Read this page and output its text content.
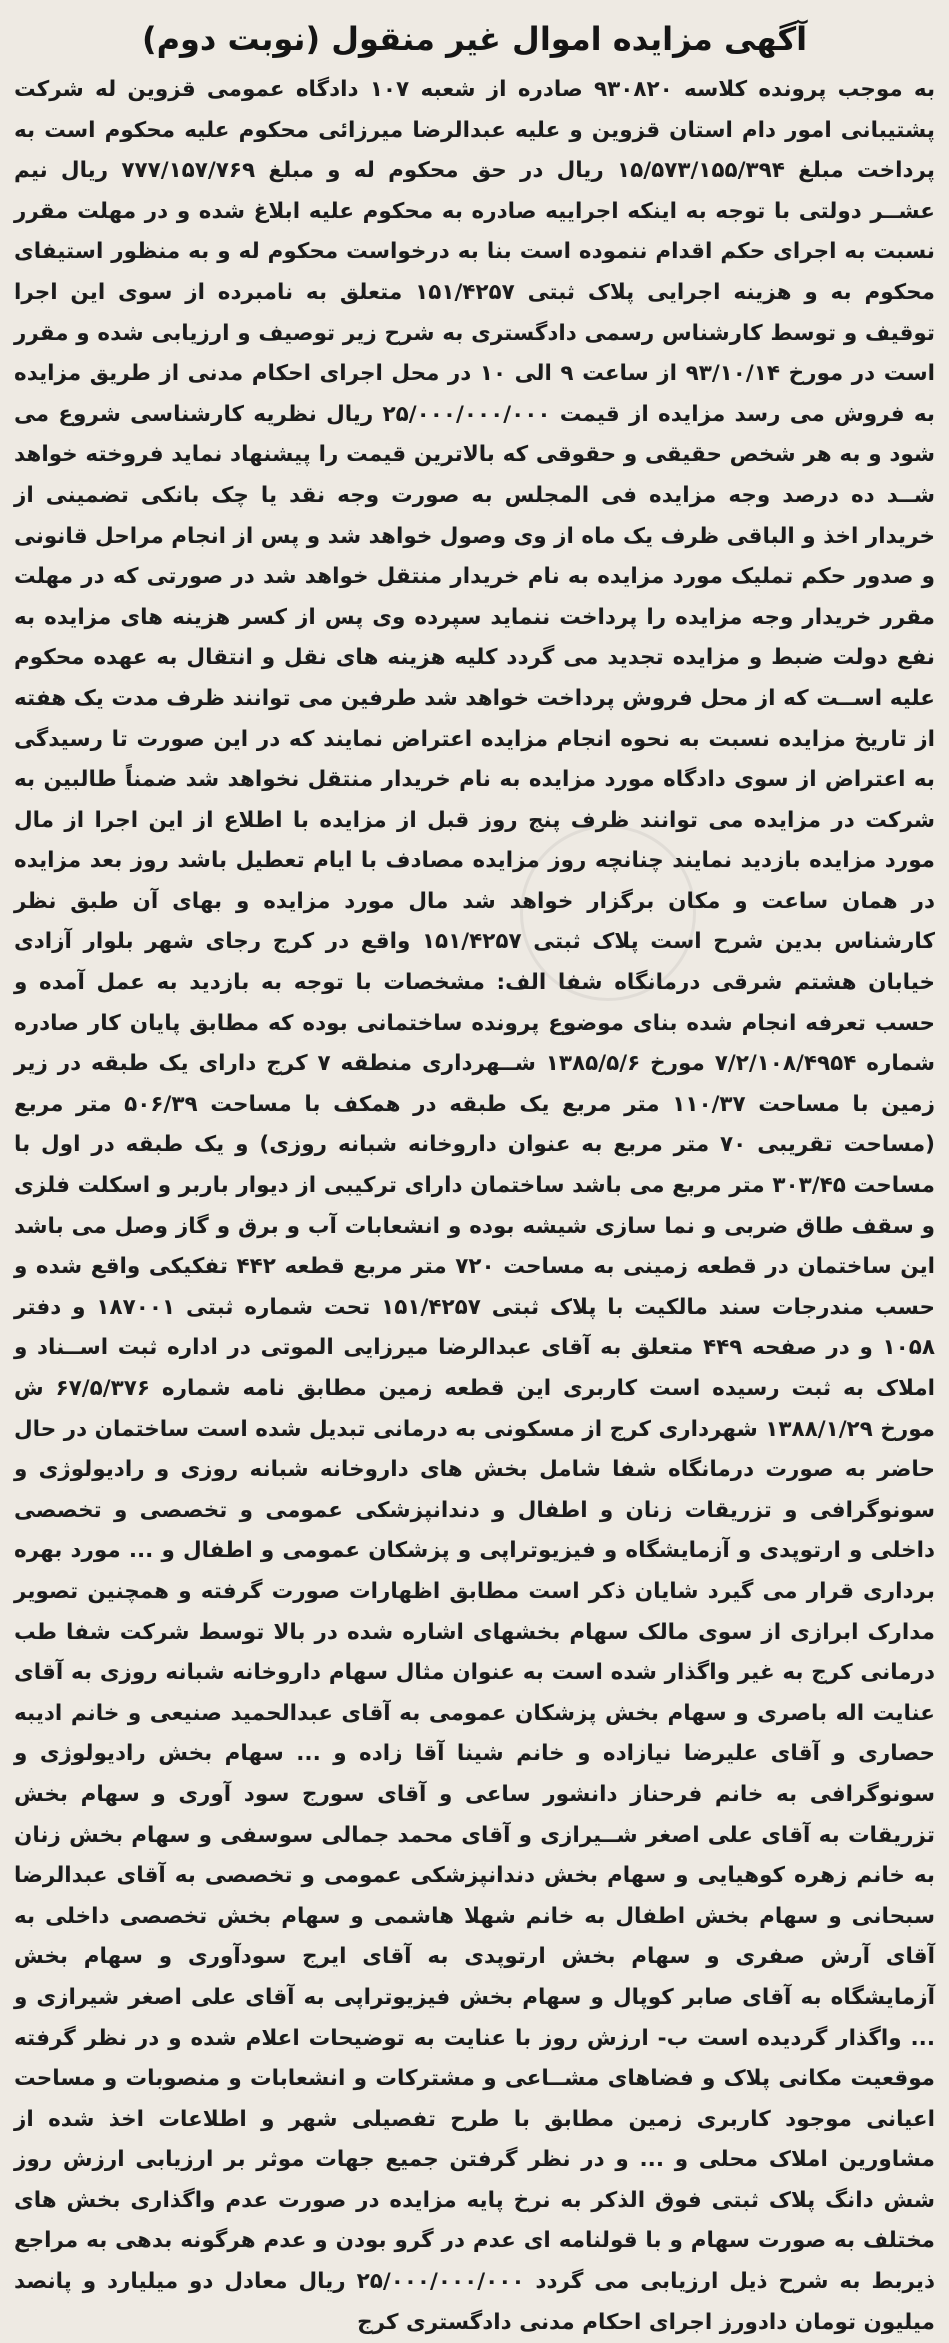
آگهی مزایده اموال غیر منقول (نوبت دوم)

به موجب پرونده کلاسه ۹۳۰۸۲۰ صادره از شعبه ۱۰۷ دادگاه عمومی قزوین له شرکت پشتیبانی امور دام استان قزوین و علیه عبدالرضا میرزائی محکوم علیه محکوم است به پرداخت مبلغ ۱۵/۵۷۳/۱۵۵/۳۹۴ ریال در حق محکوم له و مبلغ ۷۷۷/۱۵۷/۷۶۹ ریال نیم عشــر دولتی با توجه به اینکه اجراییه صادره به محکوم علیه ابلاغ شده و در مهلت مقرر نسبت به اجرای حکم اقدام ننموده است بنا به درخواست محکوم له و به منظور استیفای محکوم به و هزینه اجرایی پلاک ثبتی ۱۵۱/۴۲۵۷ متعلق به نامبرده از سوی این اجرا توقیف و توسط کارشناس رسمی دادگستری به شرح زیر توصیف و ارزیابی شده و مقرر است در مورخ ۹۳/۱۰/۱۴ از ساعت ۹ الی ۱۰ در محل اجرای احکام مدنی از طریق مزایده به فروش می رسد مزایده از قیمت ۲۵/۰۰۰/۰۰۰/۰۰۰ ریال نظریه کارشناسی شروع می شود و به هر شخص حقیقی و حقوقی که بالاترین قیمت را پیشنهاد نماید فروخته خواهد شــد ده درصد وجه مزایده فی المجلس به صورت وجه نقد یا چک بانکی تضمینی از خریدار اخذ و الباقی ظرف یک ماه از وی وصول خواهد شد و پس از انجام مراحل قانونی و صدور حکم تملیک مورد مزایده به نام خریدار منتقل خواهد شد در صورتی که در مهلت مقرر خریدار وجه مزایده را پرداخت ننماید سپرده وی پس از کسر هزینه های مزایده به نفع دولت ضبط و مزایده تجدید می گردد کلیه هزینه های نقل و انتقال به عهده محکوم علیه اســت که از محل فروش پرداخت خواهد شد طرفین می توانند ظرف مدت یک هفته از تاریخ مزایده نسبت به نحوه انجام مزایده اعتراض نمایند که در این صورت تا رسیدگی به اعتراض از سوی دادگاه مورد مزایده به نام خریدار منتقل نخواهد شد ضمناً طالبین به شرکت در مزایده می توانند ظرف پنج روز قبل از مزایده با اطلاع از این اجرا از مال مورد مزایده بازدید نمایند چنانچه روز مزایده مصادف با ایام تعطیل باشد روز بعد مزایده در همان ساعت و مکان برگزار خواهد شد مال مورد مزایده و بهای آن طبق نظر کارشناس بدین شرح است پلاک ثبتی ۱۵۱/۴۲۵۷ واقع در کرج رجای شهر بلوار آزادی خیابان هشتم شرقی درمانگاه شفا الف: مشخصات با توجه به بازدید به عمل آمده و حسب تعرفه انجام شده بنای موضوع پرونده ساختمانی بوده که مطابق پایان کار صادره شماره ۷/۲/۱۰۸/۴۹۵۴ مورخ ۱۳۸۵/۵/۶ شــهرداری منطقه ۷ کرج دارای یک طبقه در زیر زمین با مساحت ۱۱۰/۳۷ متر مربع یک طبقه در همکف با مساحت ۵۰۶/۳۹ متر مربع (مساحت تقریبی ۷۰ متر مربع به عنوان داروخانه شبانه روزی) و یک طبقه در اول با مساحت ۳۰۳/۴۵ متر مربع می باشد ساختمان دارای ترکیبی از دیوار باربر و اسکلت فلزی و سقف طاق ضربی و نما سازی شیشه بوده و انشعابات آب و برق و گاز وصل می باشد این ساختمان در قطعه زمینی به مساحت ۷۲۰ متر مربع قطعه ۴۴۲ تفکیکی واقع شده و حسب مندرجات سند مالکیت با پلاک ثبتی ۱۵۱/۴۲۵۷ تحت شماره ثبتی ۱۸۷۰۰۱ و دفتر ۱۰۵۸ و در صفحه ۴۴۹ متعلق به آقای عبدالرضا میرزایی الموتی در اداره ثبت اســناد و املاک به ثبت رسیده است کاربری این قطعه زمین مطابق نامه شماره ۶۷/۵/۳۷۶ ش مورخ ۱۳۸۸/۱/۲۹ شهرداری کرج از مسکونی به درمانی تبدیل شده است ساختمان در حال حاضر به صورت درمانگاه شفا شامل بخش های داروخانه شبانه روزی و رادیولوژی و سونوگرافی و تزریقات زنان و اطفال و دندانپزشکی عمومی و تخصصی و تخصصی داخلی و ارتوپدی و آزمایشگاه و فیزیوتراپی و پزشکان عمومی و اطفال و ... مورد بهره برداری قرار می گیرد شایان ذکر است مطابق اظهارات صورت گرفته و همچنین تصویر مدارک ابرازی از سوی مالک سهام بخشهای اشاره شده در بالا توسط شرکت شفا طب درمانی کرج به غیر واگذار شده است به عنوان مثال سهام داروخانه شبانه روزی به آقای عنایت اله باصری و سهام بخش پزشکان عمومی به آقای عبدالحمید صنیعی و خانم ادیبه حصاری و آقای علیرضا نیازاده و خانم شینا آقا زاده و ... سهام بخش رادیولوژی و سونوگرافی به خانم فرحناز دانشور ساعی و آقای سورج سود آوری و سهام بخش تزریقات به آقای علی اصغر شــیرازی و آقای محمد جمالی سوسفی و سهام بخش زنان به خانم زهره کوهیایی و سهام بخش دندانپزشکی عمومی و تخصصی به آقای عبدالرضا سبحانی و سهام بخش اطفال به خانم شهلا هاشمی و سهام بخش تخصصی داخلی به آقای آرش صفری و سهام بخش ارتوپدی به آقای ایرج سودآوری و سهام بخش آزمایشگاه به آقای صابر کوپال و سهام بخش فیزیوتراپی به آقای علی اصغر شیرازی و ... واگذار گردیده است ب- ارزش روز با عنایت به توضیحات اعلام شده و در نظر گرفته موقعیت مکانی پلاک و فضاهای مشــاعی و مشترکات و انشعابات و منصوبات و مساحت اعیانی موجود کاربری زمین مطابق با طرح تفصیلی شهر و اطلاعات اخذ شده از مشاورین املاک محلی و ... و در نظر گرفتن جمیع جهات موثر بر ارزیابی ارزش روز شش دانگ پلاک ثبتی فوق الذکر به نرخ پایه مزایده در صورت عدم واگذاری بخش های مختلف به صورت سهام و با قولنامه ای عدم در گرو بودن و عدم هرگونه بدهی به مراجع ذیربط به شرح ذیل ارزیابی می گردد ۲۵/۰۰۰/۰۰۰/۰۰۰ ریال معادل دو میلیارد و پانصد میلیون تومان دادورز اجرای احکام مدنی دادگستری کرج
